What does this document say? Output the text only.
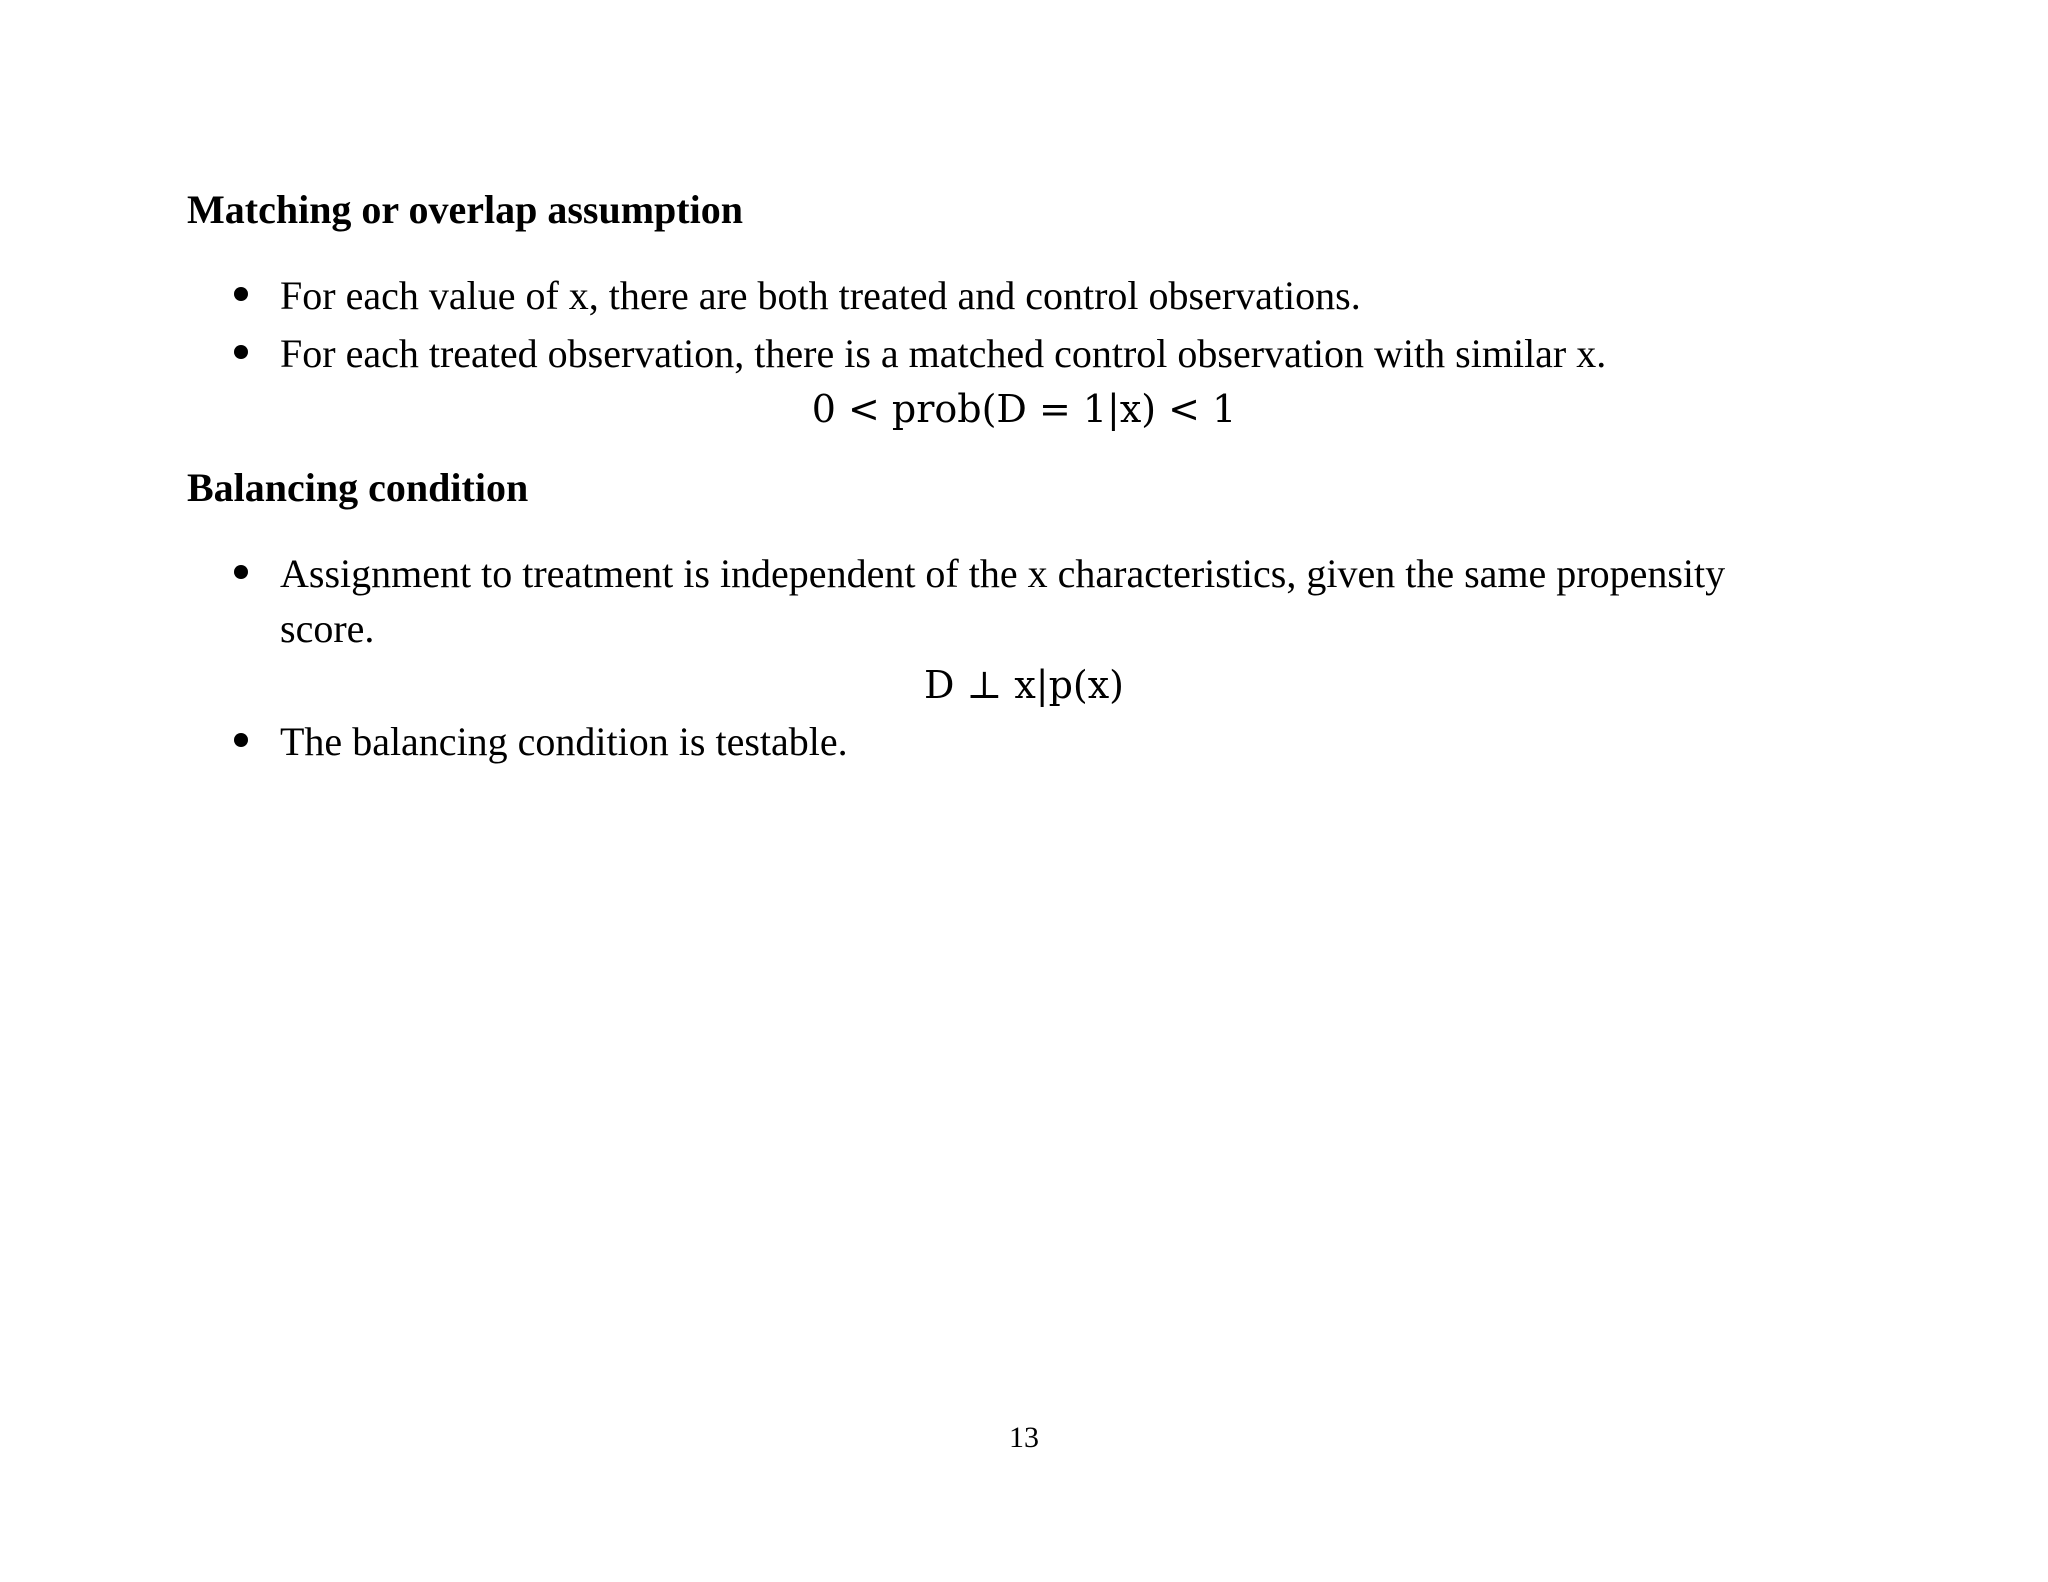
Matching or overlap assumption
For each value of x, there are both treated and control observations.
For each treated observation, there is a matched control observation with similar x.
0 < prob(D = 1|x) < 1
Balancing condition
Assignment to treatment is independent of the x characteristics, given the same propensity score.
D ⊥ x|p(x)
The balancing condition is testable.
13
